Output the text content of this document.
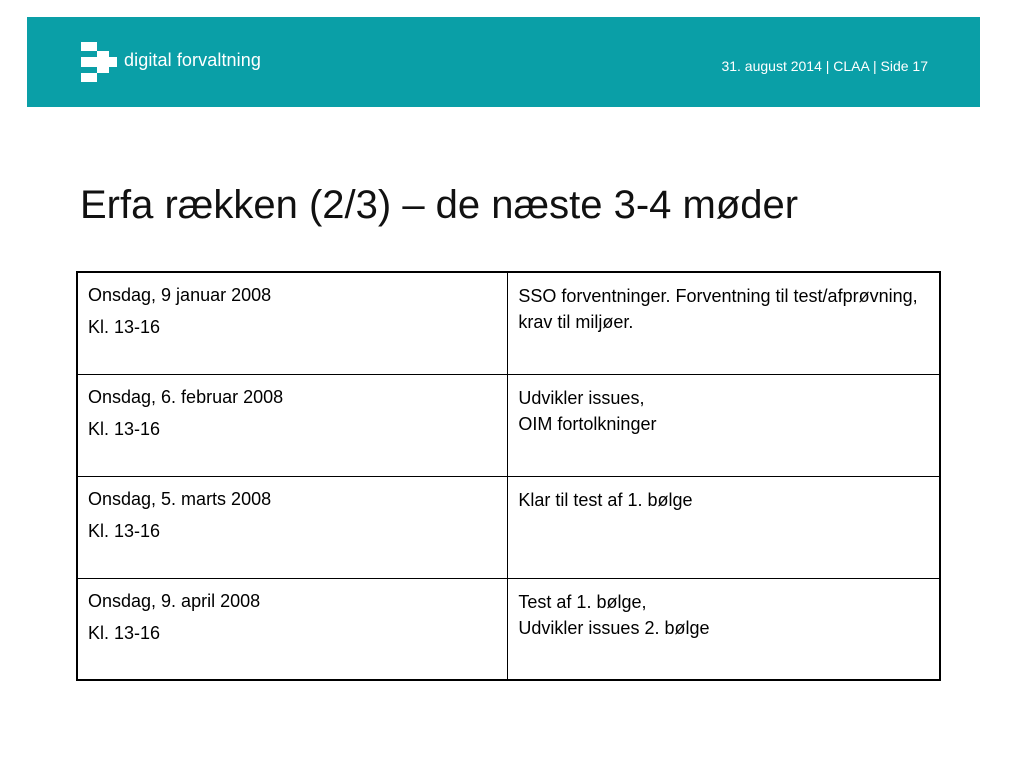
digital forvaltning	31. august 2014 | CLAA | Side 17
Erfa rækken (2/3) – de næste 3-4 møder
Onsdag, 9 januar 2008
Kl. 13-16	SSO forventninger. Forventning til test/afprøvning, krav til miljøer.

Onsdag, 6. februar 2008
Kl. 13-16	Udvikler issues,
OIM fortolkninger

Onsdag, 5. marts 2008
Kl. 13-16	Klar til test af 1. bølge

Onsdag, 9. april 2008
Kl. 13-16	Test af 1. bølge,
Udvikler issues 2. bølge
